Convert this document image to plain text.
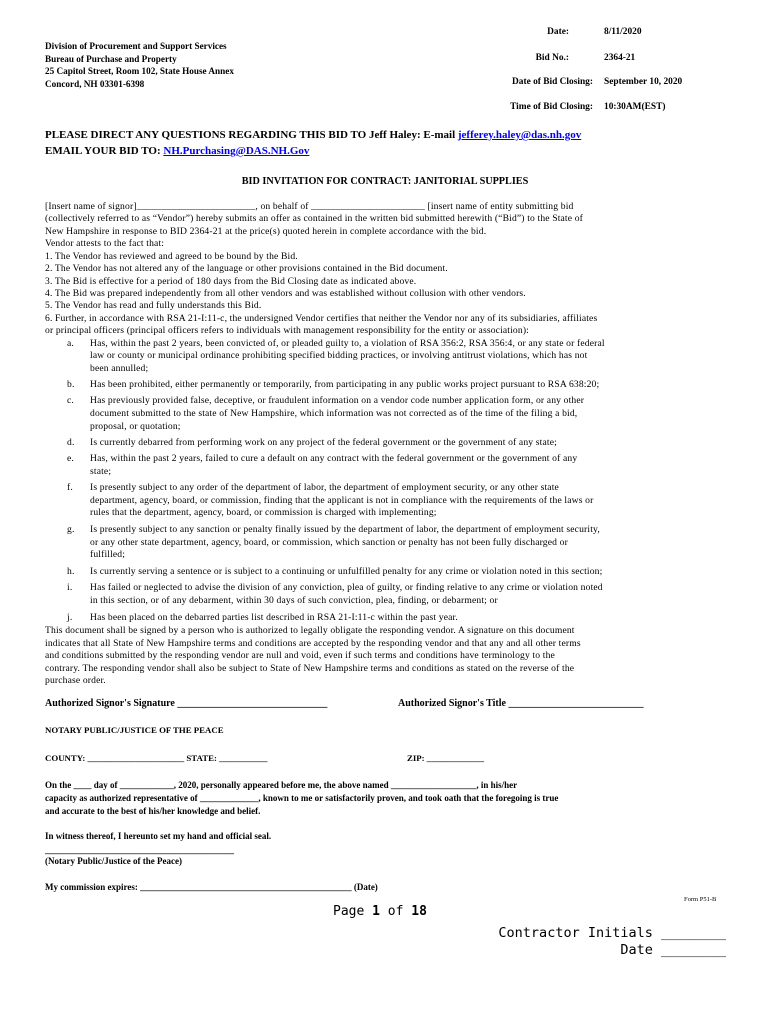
Division of Procurement and Support Services
Bureau of Purchase and Property
25 Capitol Street, Room 102, State House Annex
Concord, NH 03301-6398
Date:	8/11/2020
Bid No.:	2364-21
Date of Bid Closing: September 10, 2020
Time of Bid Closing: 10:30AM(EST)
PLEASE DIRECT ANY QUESTIONS REGARDING THIS BID TO Jeff Haley: E-mail jefferey.haley@das.nh.gov
EMAIL YOUR BID TO: NH.Purchasing@DAS.NH.Gov
BID INVITATION FOR CONTRACT: JANITORIAL SUPPLIES
[Insert name of signor]________________________, on behalf of _______________________ [insert name of entity submitting bid
(collectively referred to as “Vendor”) hereby submits an offer as contained in the written bid submitted herewith (“Bid”) to the State of
New Hampshire in response to BID 2364-21 at the price(s) quoted herein in complete accordance with the bid.
Vendor attests to the fact that:
1. The Vendor has reviewed and agreed to be bound by the Bid.
2. The Vendor has not altered any of the language or other provisions contained in the Bid document.
3. The Bid is effective for a period of 180 days from the Bid Closing date as indicated above.
4. The Bid was prepared independently from all other vendors and was established without collusion with other vendors.
5. The Vendor has read and fully understands this Bid.
6. Further, in accordance with RSA 21-I:11-c, the undersigned Vendor certifies that neither the Vendor nor any of its subsidiaries, affiliates
or principal officers (principal officers refers to individuals with management responsibility for the entity or association):
a. Has, within the past 2 years, been convicted of, or pleaded guilty to, a violation of RSA 356:2, RSA 356:4, or any state or federal
law or county or municipal ordinance prohibiting specified bidding practices, or involving antitrust violations, which has not
been annulled;
b. Has been prohibited, either permanently or temporarily, from participating in any public works project pursuant to RSA 638:20;
c. Has previously provided false, deceptive, or fraudulent information on a vendor code number application form, or any other
document submitted to the state of New Hampshire, which information was not corrected as of the time of the filing a bid,
proposal, or quotation;
d. Is currently debarred from performing work on any project of the federal government or the government of any state;
e. Has, within the past 2 years, failed to cure a default on any contract with the federal government or the government of any
state;
f. Is presently subject to any order of the department of labor, the department of employment security, or any other state
department, agency, board, or commission, finding that the applicant is not in compliance with the requirements of the laws or
rules that the department, agency, board, or commission is charged with implementing;
g. Is presently subject to any sanction or penalty finally issued by the department of labor, the department of employment security,
or any other state department, agency, board, or commission, which sanction or penalty has not been fully discharged or
fulfilled;
h. Is currently serving a sentence or is subject to a continuing or unfulfilled penalty for any crime or violation noted in this section;
i. Has failed or neglected to advise the division of any conviction, plea of guilty, or finding relative to any crime or violation noted
in this section, or of any debarment, within 30 days of such conviction, plea, finding, or debarment; or
j. Has been placed on the debarred parties list described in RSA 21-I:11-c within the past year.
This document shall be signed by a person who is authorized to legally obligate the responding vendor. A signature on this document
indicates that all State of New Hampshire terms and conditions are accepted by the responding vendor and that any and all other terms
and conditions submitted by the responding vendor are null and void, even if such terms and conditions have terminology to the
contrary. The responding vendor shall also be subject to State of New Hampshire terms and conditions as stated on the reverse of the
purchase order.
Authorized Signor's Signature ______________________________	Authorized Signor's Title ___________________________
NOTARY PUBLIC/JUSTICE OF THE PEACE
COUNTY: ______________________ STATE: ___________	ZIP: _____________
On the ____ day of ____________, 2020, personally appeared before me, the above named ___________________, in his/her
capacity as authorized representative of _____________, known to me or satisfactorily proven, and took oath that the foregoing is true
and accurate to the best of his/her knowledge and belief.
In witness thereof, I hereunto set my hand and official seal.
__________________________________________
(Notary Public/Justice of the Peace)
My commission expires: _______________________________________________ (Date)
Form P51-B
Page 1 of 18
Contractor Initials ________
Date ________
